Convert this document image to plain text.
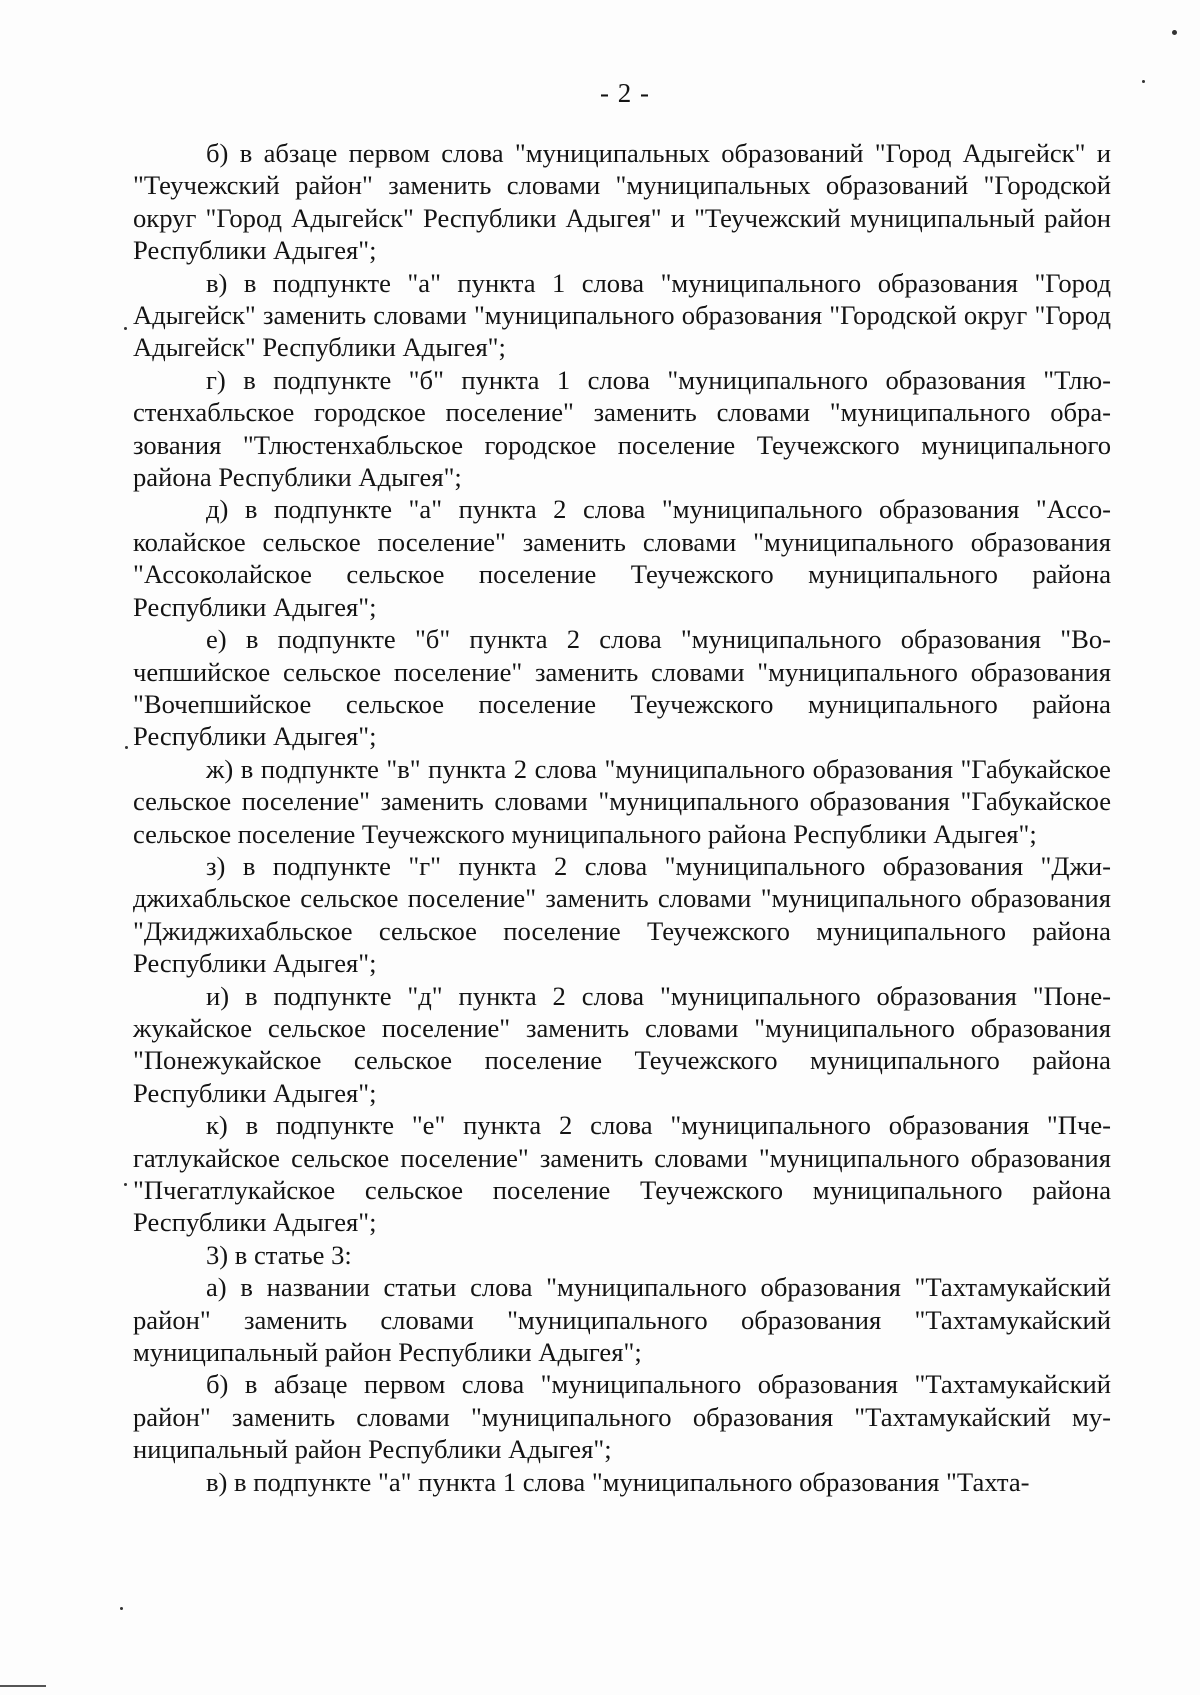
- 2 -

б) в абзаце первом слова "муниципальных образований "Город Адыгейск" и "Теучежский район" заменить словами "муниципальных образований "Городской округ "Город Адыгейск" Республики Адыгея" и "Теучежский муниципальный район Республики Адыгея";

в) в подпункте "а" пункта 1 слова "муниципального образования "Город Адыгейск" заменить словами "муниципального образования "Городской округ "Город Адыгейск" Республики Адыгея";

г) в подпункте "б" пункта 1 слова "муниципального образования "Тлюстенхабльское городское поселение" заменить словами "муниципального образования "Тлюстенхабльское городское поселение Теучежского муниципального района Республики Адыгея";

д) в подпункте "а" пункта 2 слова "муниципального образования "Ассоколайское сельское поселение" заменить словами "муниципального образования "Ассоколайское сельское поселение Теучежского муниципального района Республики Адыгея";

е) в подпункте "б" пункта 2 слова "муниципального образования "Вочепшийское сельское поселение" заменить словами "муниципального образования "Вочепшийское сельское поселение Теучежского муниципального района Республики Адыгея";

ж) в подпункте "в" пункта 2 слова "муниципального образования "Габукайское сельское поселение" заменить словами "муниципального образования "Габукайское сельское поселение Теучежского муниципального района Республики Адыгея";

з) в подпункте "г" пункта 2 слова "муниципального образования "Джиджихабльское сельское поселение" заменить словами "муниципального образования "Джиджихабльское сельское поселение Теучежского муниципального района Республики Адыгея";

и) в подпункте "д" пункта 2 слова "муниципального образования "Понежукайское сельское поселение" заменить словами "муниципального образования "Понежукайское сельское поселение Теучежского муниципального района Республики Адыгея";

к) в подпункте "е" пункта 2 слова "муниципального образования "Пчегатлукайское сельское поселение" заменить словами "муниципального образования "Пчегатлукайское сельское поселение Теучежского муниципального района Республики Адыгея";

3) в статье 3:

а) в названии статьи слова "муниципального образования "Тахтамукайский район" заменить словами "муниципального образования "Тахтамукайский муниципальный район Республики Адыгея";

б) в абзаце первом слова "муниципального образования "Тахтамукайский район" заменить словами "муниципального образования "Тахтамукайский муниципальный район Республики Адыгея";

в) в подпункте "а" пункта 1 слова "муниципального образования "Тахта-
